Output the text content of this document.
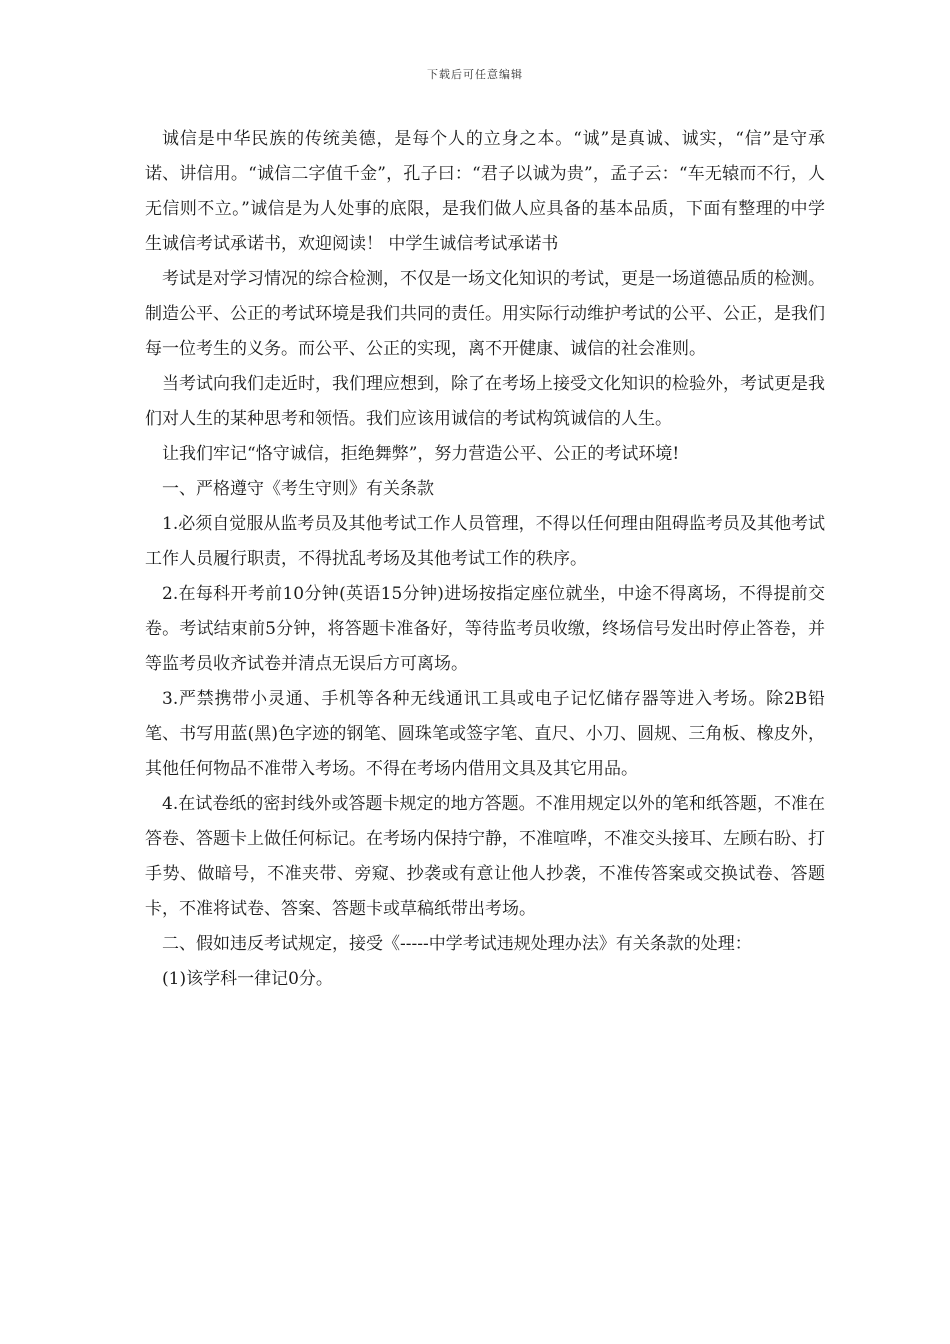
下载后可任意编辑

诚信是中华民族的传统美德，是每个人的立身之本。“诚”是真诚、诚实，“信”是守承诺、讲信用。“诚信二字值千金”，孔子曰：“君子以诚为贵”，孟子云：“车无辕而不行，人无信则不立。”诚信是为人处事的底限，是我们做人应具备的基本品质，下面有整理的中学生诚信考试承诺书，欢迎阅读！ 中学生诚信考试承诺书

考试是对学习情况的综合检测，不仅是一场文化知识的考试，更是一场道德品质的检测。制造公平、公正的考试环境是我们共同的责任。用实际行动维护考试的公平、公正，是我们每一位考生的义务。而公平、公正的实现，离不开健康、诚信的社会准则。

当考试向我们走近时，我们理应想到，除了在考场上接受文化知识的检验外，考试更是我们对人生的某种思考和领悟。我们应该用诚信的考试构筑诚信的人生。

让我们牢记“恪守诚信，拒绝舞弊”，努力营造公平、公正的考试环境!

一、严格遵守《考生守则》有关条款

1.必须自觉服从监考员及其他考试工作人员管理，不得以任何理由阻碍监考员及其他考试工作人员履行职责，不得扰乱考场及其他考试工作的秩序。

2.在每科开考前10分钟(英语15分钟)进场按指定座位就坐，中途不得离场，不得提前交卷。考试结束前5分钟，将答题卡准备好，等待监考员收缴，终场信号发出时停止答卷，并等监考员收齐试卷并清点无误后方可离场。

3.严禁携带小灵通、手机等各种无线通讯工具或电子记忆储存器等进入考场。除2B铅笔、书写用蓝(黑)色字迹的钢笔、圆珠笔或签字笔、直尺、小刀、圆规、三角板、橡皮外，其他任何物品不准带入考场。不得在考场内借用文具及其它用品。

4.在试卷纸的密封线外或答题卡规定的地方答题。不准用规定以外的笔和纸答题，不准在答卷、答题卡上做任何标记。在考场内保持宁静，不准喧哗，不准交头接耳、左顾右盼、打手势、做暗号，不准夹带、旁窥、抄袭或有意让他人抄袭，不准传答案或交换试卷、答题卡，不准将试卷、答案、答题卡或草稿纸带出考场。

二、假如违反考试规定，接受《-----中学考试违规处理办法》有关条款的处理：

(1)该学科一律记0分。
